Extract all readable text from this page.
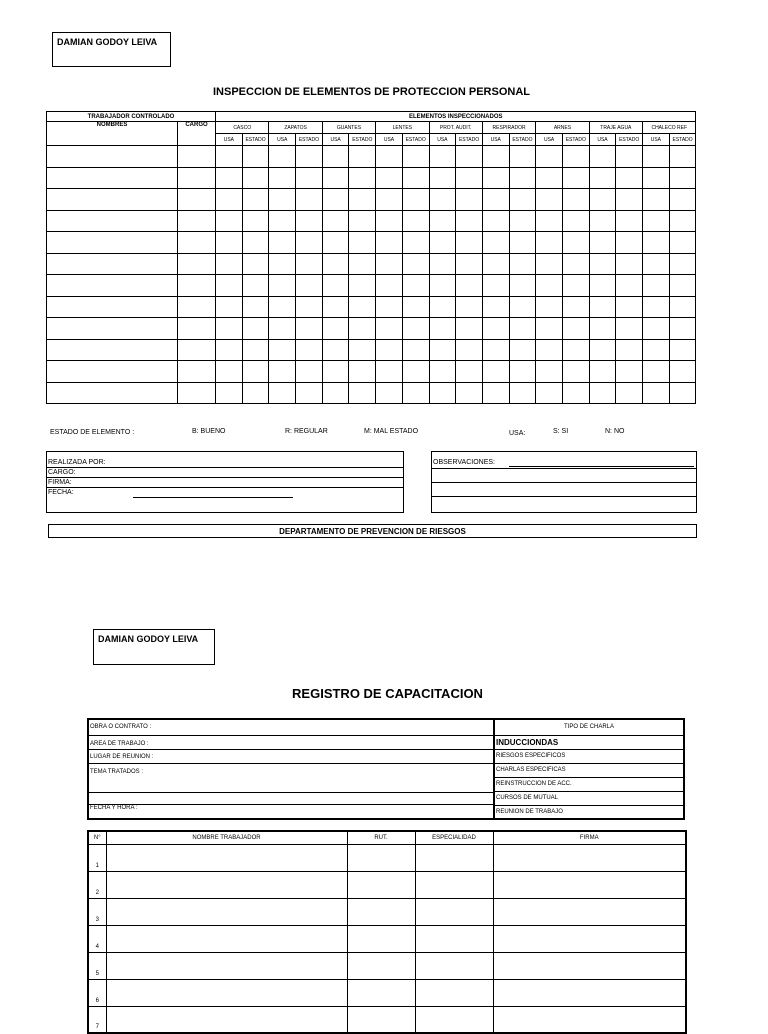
DAMIAN GODOY LEIVA
INSPECCION DE ELEMENTOS DE PROTECCION PERSONAL
TRABAJADOR CONTROLADO		ELEMENTOS INSPECCIONADOS																	
NOMBRES	CARGO	CASCO		ZAPATOS		GUANTES		LENTES		PROT. AUDIT.		RESPIRADOR		ARNES		TRAJE AGUA		CHALECO REF	
		USA	ESTADO	USA	ESTADO	USA	ESTADO	USA	ESTADO	USA	ESTADO	USA	ESTADO	USA	ESTADO	USA	ESTADO	USA	ESTADO

ESTADO DE ELEMENTO :	B: BUENO	R: REGULAR	M: MAL ESTADO	USA:	S: SI	N: NO
REALIZADA POR:
CARGO:
FIRMA:
FECHA:
OBSERVACIONES:
DEPARTAMENTO DE PREVENCION DE RIESGOS
DAMIAN GODOY LEIVA
REGISTRO DE CAPACITACION
OBRA O CONTRATO :
AREA DE TRABAJO :
LUGAR DE REUNION :
TEMA TRATADOS :
FECHA Y HORA :
TIPO DE CHARLA
INDUCCIONDAS
RIESGOS ESPECIFICOS
CHARLAS ESPECIFICAS
REINSTRUCCION DE ACC.
CURSOS DE MUTUAL
REUNION DE TRABAJO
N°	NOMBRE TRABAJADOR	RUT.	ESPECIALIDAD	FIRMA
1				
2				
3				
4				
5				
6				
7				
